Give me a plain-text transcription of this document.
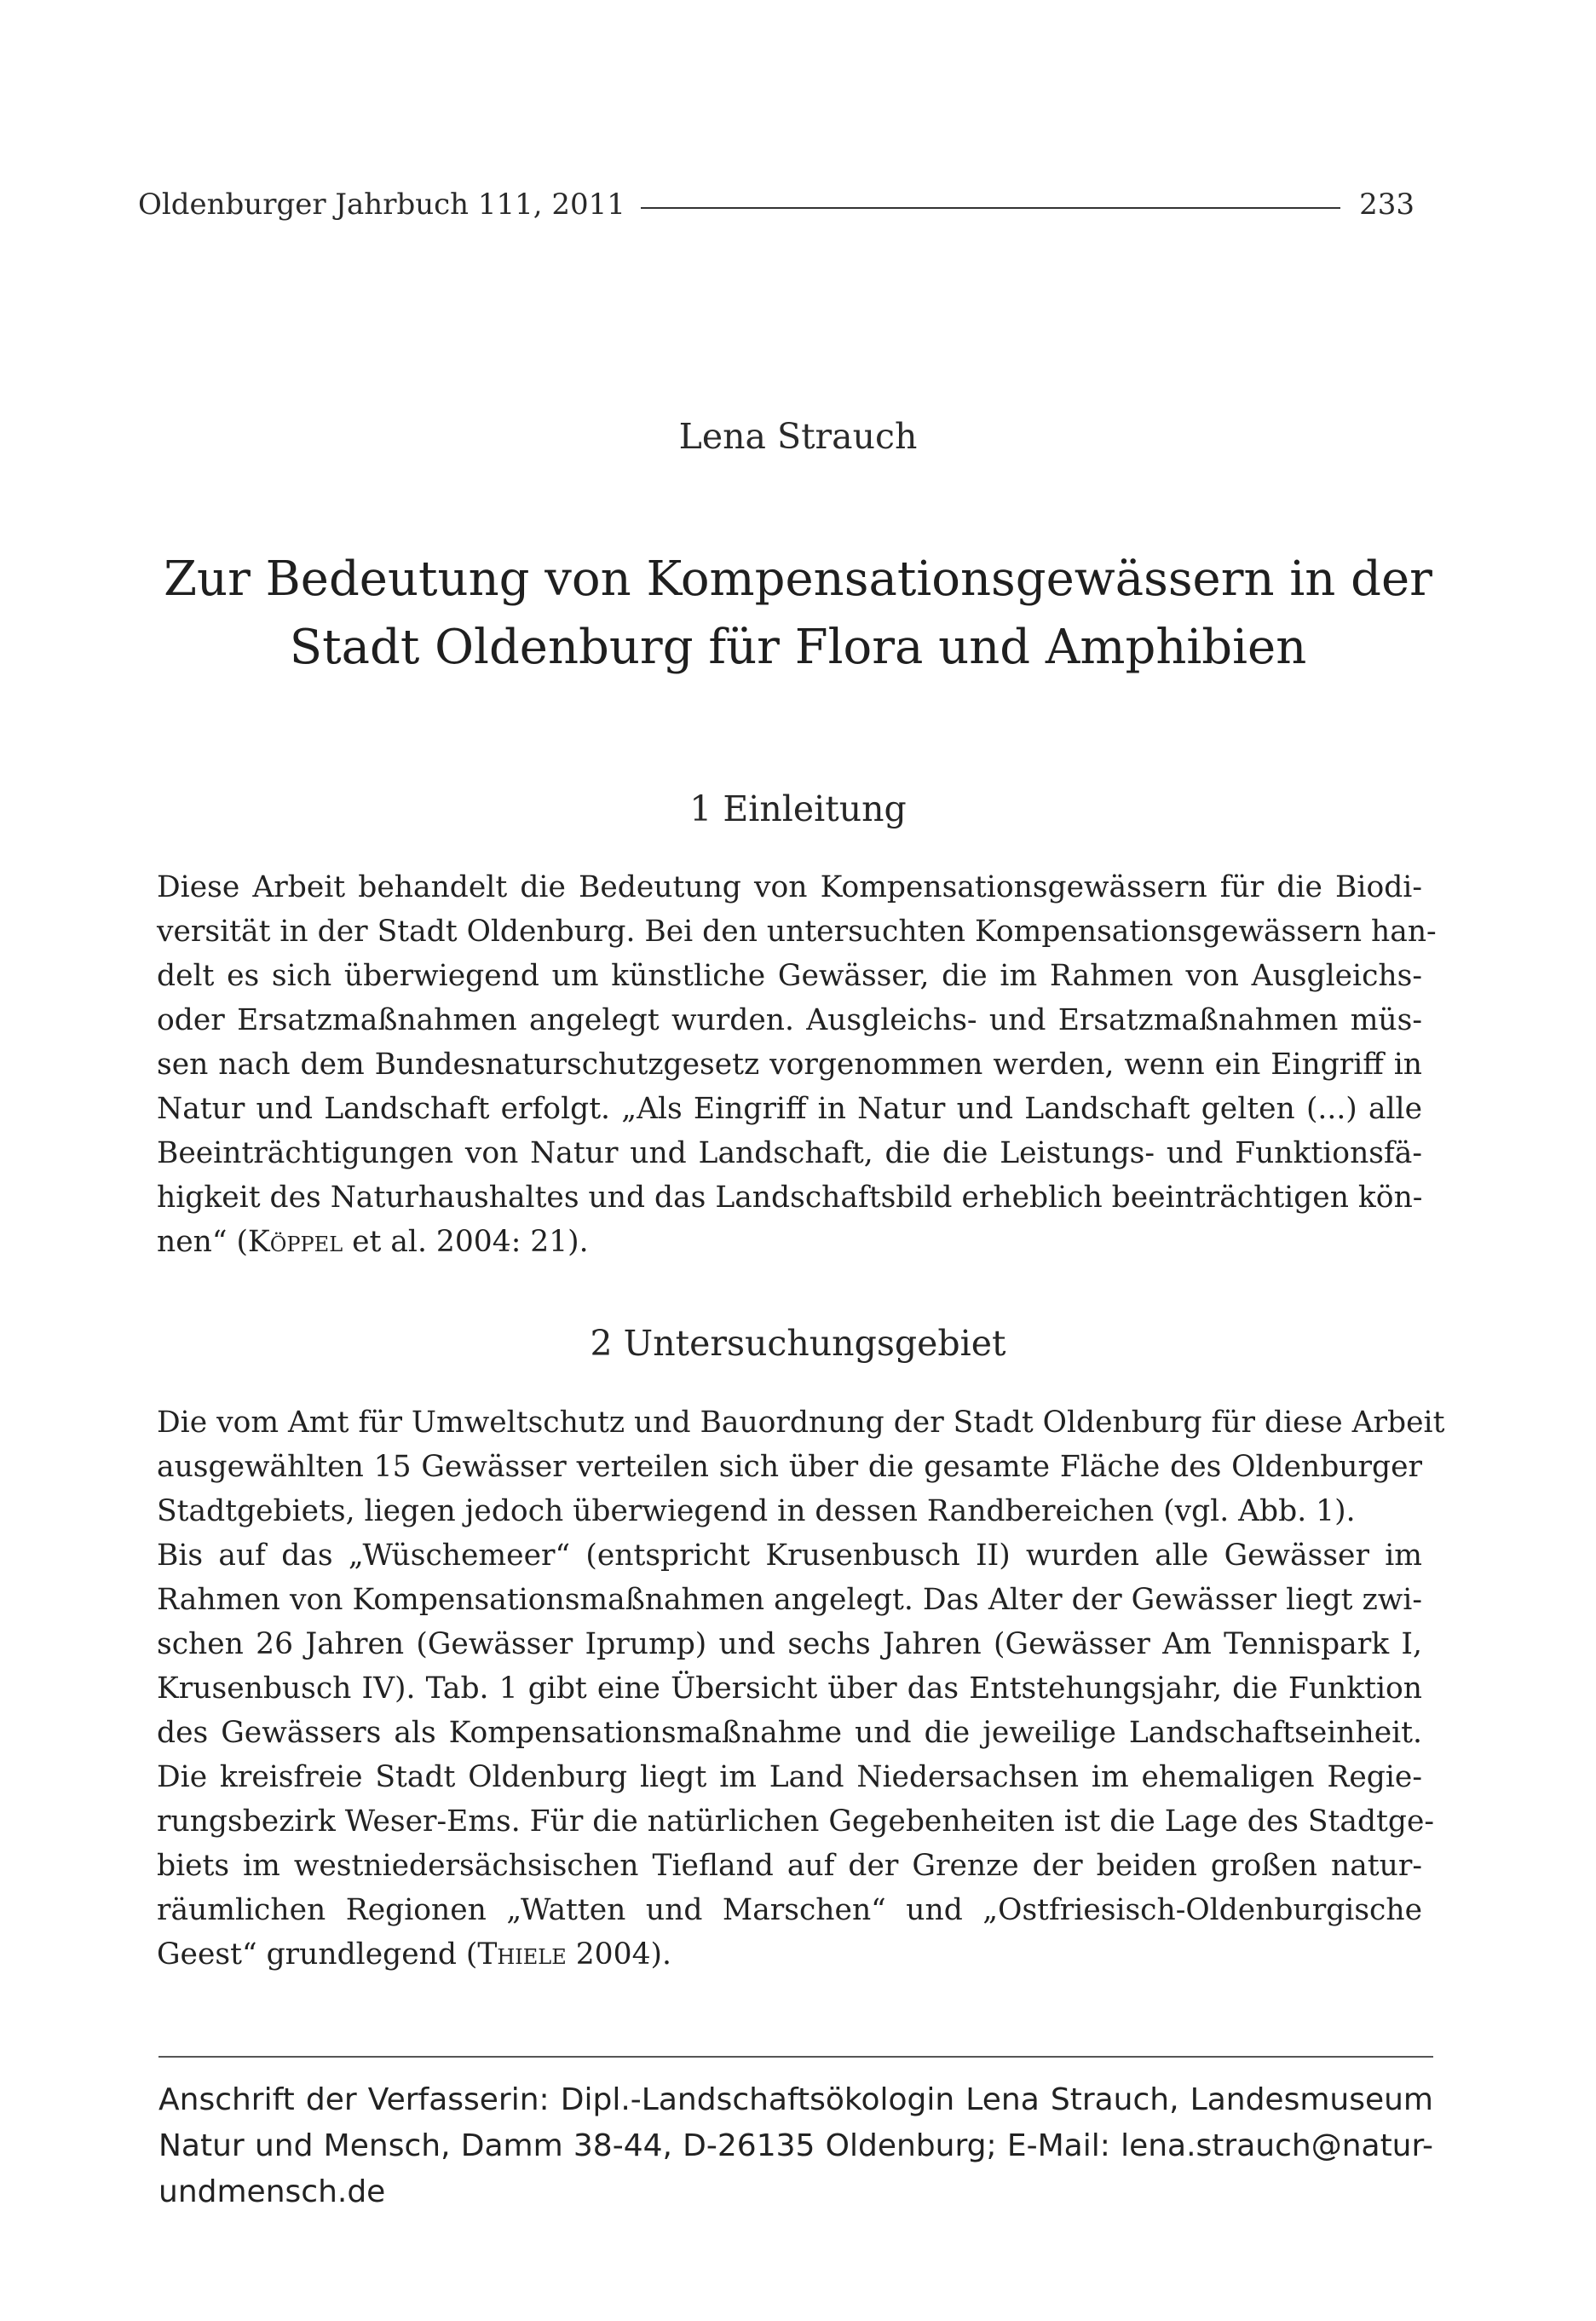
Oldenburger Jahrbuch 111, 2011	233
Lena Strauch
Zur Bedeutung von Kompensationsgewässern in der
Stadt Oldenburg für Flora und Amphibien
1 Einleitung
Diese Arbeit behandelt die Bedeutung von Kompensationsgewässern für die Biodi-
versität in der Stadt Oldenburg. Bei den untersuchten Kompensationsgewässern han-
delt es sich überwiegend um künstliche Gewässer, die im Rahmen von Ausgleichs-
oder Ersatzmaßnahmen angelegt wurden. Ausgleichs- und Ersatzmaßnahmen müs-
sen nach dem Bundesnaturschutzgesetz vorgenommen werden, wenn ein Eingriff in
Natur und Landschaft erfolgt. „Als Eingriff in Natur und Landschaft gelten (...) alle
Beeinträchtigungen von Natur und Landschaft, die die Leistungs- und Funktionsfä-
higkeit des Naturhaushaltes und das Landschaftsbild erheblich beeinträchtigen kön-
nen“ (Köppel et al. 2004: 21).
2 Untersuchungsgebiet
Die vom Amt für Umweltschutz und Bauordnung der Stadt Oldenburg für diese Arbeit
ausgewählten 15 Gewässer verteilen sich über die gesamte Fläche des Oldenburger
Stadtgebiets, liegen jedoch überwiegend in dessen Randbereichen (vgl. Abb. 1).
Bis auf das „Wüschemeer“ (entspricht Krusenbusch II) wurden alle Gewässer im
Rahmen von Kompensationsmaßnahmen angelegt. Das Alter der Gewässer liegt zwi-
schen 26 Jahren (Gewässer Iprump) und sechs Jahren (Gewässer Am Tennispark I,
Krusenbusch IV). Tab. 1 gibt eine Übersicht über das Entstehungsjahr, die Funktion
des Gewässers als Kompensationsmaßnahme und die jeweilige Landschaftseinheit.
Die kreisfreie Stadt Oldenburg liegt im Land Niedersachsen im ehemaligen Regie-
rungsbezirk Weser-Ems. Für die natürlichen Gegebenheiten ist die Lage des Stadtge-
biets im westniedersächsischen Tiefland auf der Grenze der beiden großen natur-
räumlichen Regionen „Watten und Marschen“ und „Ostfriesisch-Oldenburgische
Geest“ grundlegend (Thiele 2004).
Anschrift der Verfasserin: Dipl.-Landschaftsökologin Lena Strauch, Landesmuseum
Natur und Mensch, Damm 38-44, D-26135 Oldenburg; E-Mail: lena.strauch@natur-
undmensch.de
